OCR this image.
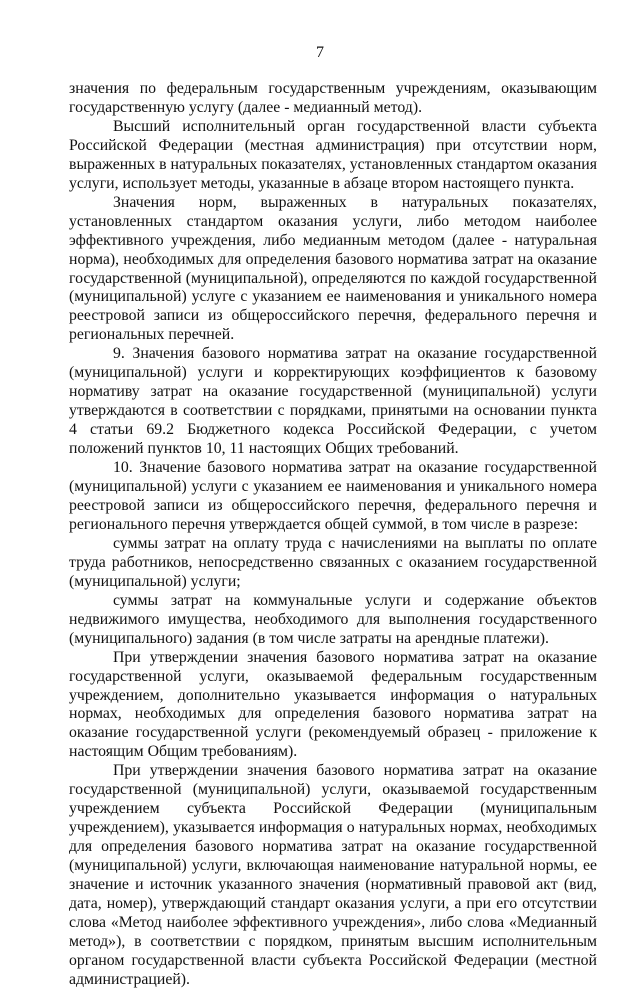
7

значения по федеральным государственным учреждениям, оказывающим государственную услугу (далее - медианный метод).

Высший исполнительный орган государственной власти субъекта Российской Федерации (местная администрация) при отсутствии норм, выраженных в натуральных показателях, установленных стандартом оказания услуги, использует методы, указанные в абзаце втором настоящего пункта.

Значения норм, выраженных в натуральных показателях, установленных стандартом оказания услуги, либо методом наиболее эффективного учреждения, либо медианным методом (далее - натуральная норма), необходимых для определения базового норматива затрат на оказание государственной (муниципальной), определяются по каждой государственной (муниципальной) услуге с указанием ее наименования и уникального номера реестровой записи из общероссийского перечня, федерального перечня и региональных перечней.

9. Значения базового норматива затрат на оказание государственной (муниципальной) услуги и корректирующих коэффициентов к базовому нормативу затрат на оказание государственной (муниципальной) услуги утверждаются в соответствии с порядками, принятыми на основании пункта 4 статьи 69.2 Бюджетного кодекса Российской Федерации, с учетом положений пунктов 10, 11 настоящих Общих требований.

10. Значение базового норматива затрат на оказание государственной (муниципальной) услуги с указанием ее наименования и уникального номера реестровой записи из общероссийского перечня, федерального перечня и регионального перечня утверждается общей суммой, в том числе в разрезе:

суммы затрат на оплату труда с начислениями на выплаты по оплате труда работников, непосредственно связанных с оказанием государственной (муниципальной) услуги;

суммы затрат на коммунальные услуги и содержание объектов недвижимого имущества, необходимого для выполнения государственного (муниципального) задания (в том числе затраты на арендные платежи).

При утверждении значения базового норматива затрат на оказание государственной услуги, оказываемой федеральным государственным учреждением, дополнительно указывается информация о натуральных нормах, необходимых для определения базового норматива затрат на оказание государственной услуги (рекомендуемый образец - приложение к настоящим Общим требованиям).

При утверждении значения базового норматива затрат на оказание государственной (муниципальной) услуги, оказываемой государственным учреждением субъекта Российской Федерации (муниципальным учреждением), указывается информация о натуральных нормах, необходимых для определения базового норматива затрат на оказание государственной (муниципальной) услуги, включающая наименование натуральной нормы, ее значение и источник указанного значения (нормативный правовой акт (вид, дата, номер), утверждающий стандарт оказания услуги, а при его отсутствии слова «Метод наиболее эффективного учреждения», либо слова «Медианный метод»), в соответствии с порядком, принятым высшим исполнительным органом государственной власти субъекта Российской Федерации (местной администрацией).
